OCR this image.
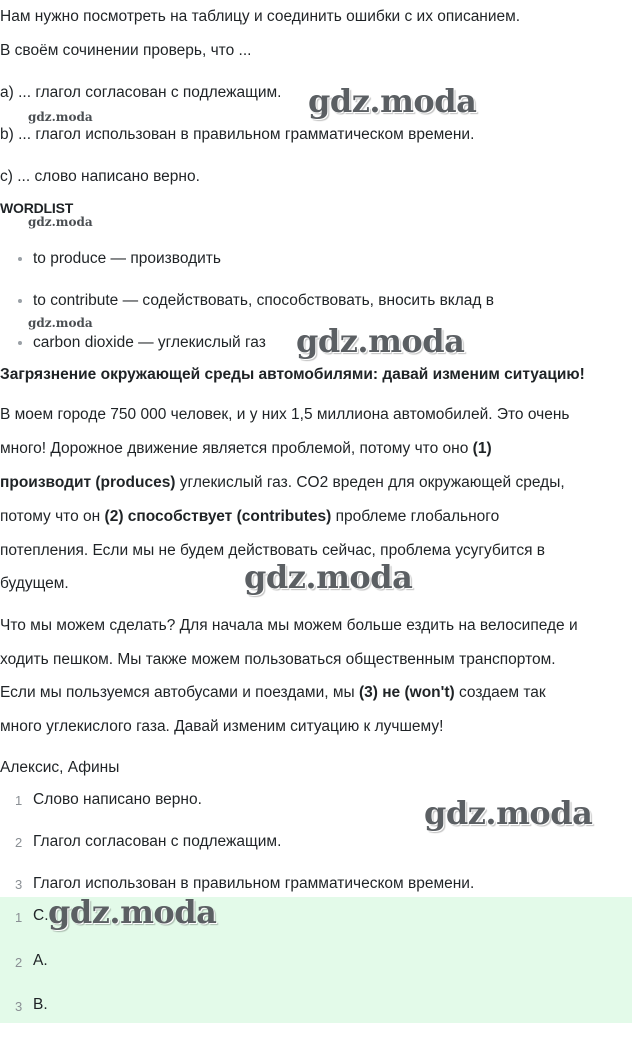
Нам нужно посмотреть на таблицу и соединить ошибки с их описанием.
В своём сочинении проверь, что ...
a) ... глагол согласован с подлежащим.
b) ... глагол использован в правильном грамматическом времени.
c) ... слово написано верно.
WORDLIST
to produce — производить
to contribute — содействовать, способствовать, вносить вклад в
carbon dioxide — углекислый газ
Загрязнение окружающей среды автомобилями: давай изменим ситуацию!
В моем городе 750 000 человек, и у них 1,5 миллиона автомобилей. Это очень
много! Дорожное движение является проблемой, потому что оно (1)
производит (produces) углекислый газ. CO2 вреден для окружающей среды,
потому что он (2) способствует (contributes) проблеме глобального
потепления. Если мы не будем действовать сейчас, проблема усугубится в
будущем.
Что мы можем сделать? Для начала мы можем больше ездить на велосипеде и
ходить пешком. Мы также можем пользоваться общественным транспортом.
Если мы пользуемся автобусами и поездами, мы (3) не (won't) создаем так
много углекислого газа. Давай изменим ситуацию к лучшему!
Алексис, Афины
1 Слово написано верно.
2 Глагол согласован с подлежащим.
3 Глагол использован в правильном грамматическом времени.
1 C.
2 A.
3 B.
gdz.moda
gdz.moda
gdz.moda
gdz.moda	gdz.moda
gdz.moda
gdz.moda
gdz.moda
